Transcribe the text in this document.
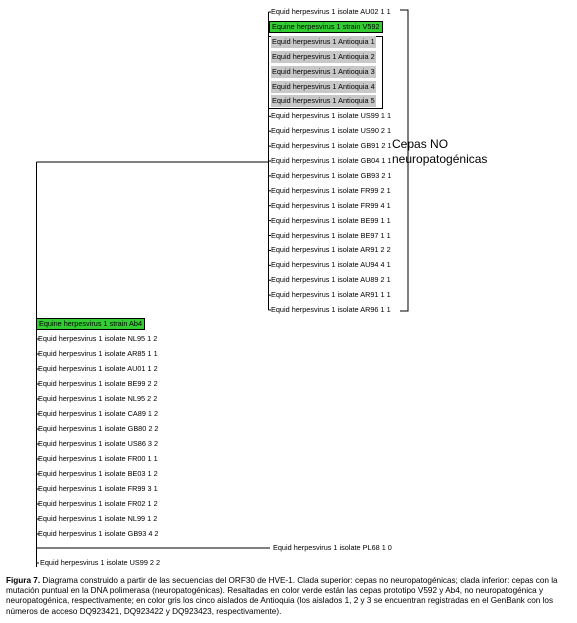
Equid herpesvirus 1 isolate AU02 1 1
Equine herpesvirus 1 strain V592
Equid herpesvirus 1 Antioquia 1
Equid herpesvirus 1 Antioquia 2
Equid herpesvirus 1 Antioquia 3
Equid herpesvirus 1 Antioquia 4
Equid herpesvirus 1 Antioquia 5
Equid herpesvirus 1 isolate US99 1 1
Equid herpesvirus 1 isolate US90 2 1
Equid herpesvirus 1 isolate GB91 2 1
Equid herpesvirus 1 isolate GB04 1 1
Equid herpesvirus 1 isolate GB93 2 1
Equid herpesvirus 1 isolate FR99 2 1
Equid herpesvirus 1 isolate FR99 4 1
Equid herpesvirus 1 isolate BE99 1 1
Equid herpesvirus 1 isolate BE97 1 1
Equid herpesvirus 1 isolate AR91 2 2
Equid herpesvirus 1 isolate AU94 4 1
Equid herpesvirus 1 isolate AU89 2 1
Equid herpesvirus 1 isolate AR91 1 1
Equid herpesvirus 1 isolate AR96 1 1
Equine herpesvirus 1 strain Ab4
Equid herpesvirus 1 isolate NL95 1 2
Equid herpesvirus 1 isolate AR85 1 1
Equid herpesvirus 1 isolate AU01 1 2
Equid herpesvirus 1 isolate BE99 2 2
Equid herpesvirus 1 isolate NL95 2 2
Equid herpesvirus 1 isolate CA89 1 2
Equid herpesvirus 1 isolate GB80 2 2
Equid herpesvirus 1 isolate US86 3 2
Equid herpesvirus 1 isolate FR00 1 1
Equid herpesvirus 1 isolate BE03 1 2
Equid herpesvirus 1 isolate FR99 3 1
Equid herpesvirus 1 isolate FR02 1 2
Equid herpesvirus 1 isolate NL99 1 2
Equid herpesvirus 1 isolate GB93 4 2
Equid herpesvirus 1 isolate PL68 1 0
Equid herpesvirus 1 isolate US99 2 2
Cepas NO
neuropatogénicas
Figura 7. Diagrama construido a partir de las secuencias del ORF30 de HVE-1. Clada superior: cepas no neuropatogénicas; clada inferior: cepas con la mutación puntual en la DNA polimerasa (neuropatogénicas). Resaltadas en color verde están las cepas prototipo V592 y Ab4, no neuropatogénica y neuropatogénica, respectivamente; en color gris los cinco aislados de Antioquia (los aislados 1, 2 y 3 se encuentran registradas en el GenBank con los números de acceso DQ923421, DQ923422 y DQ923423, respectivamente).
